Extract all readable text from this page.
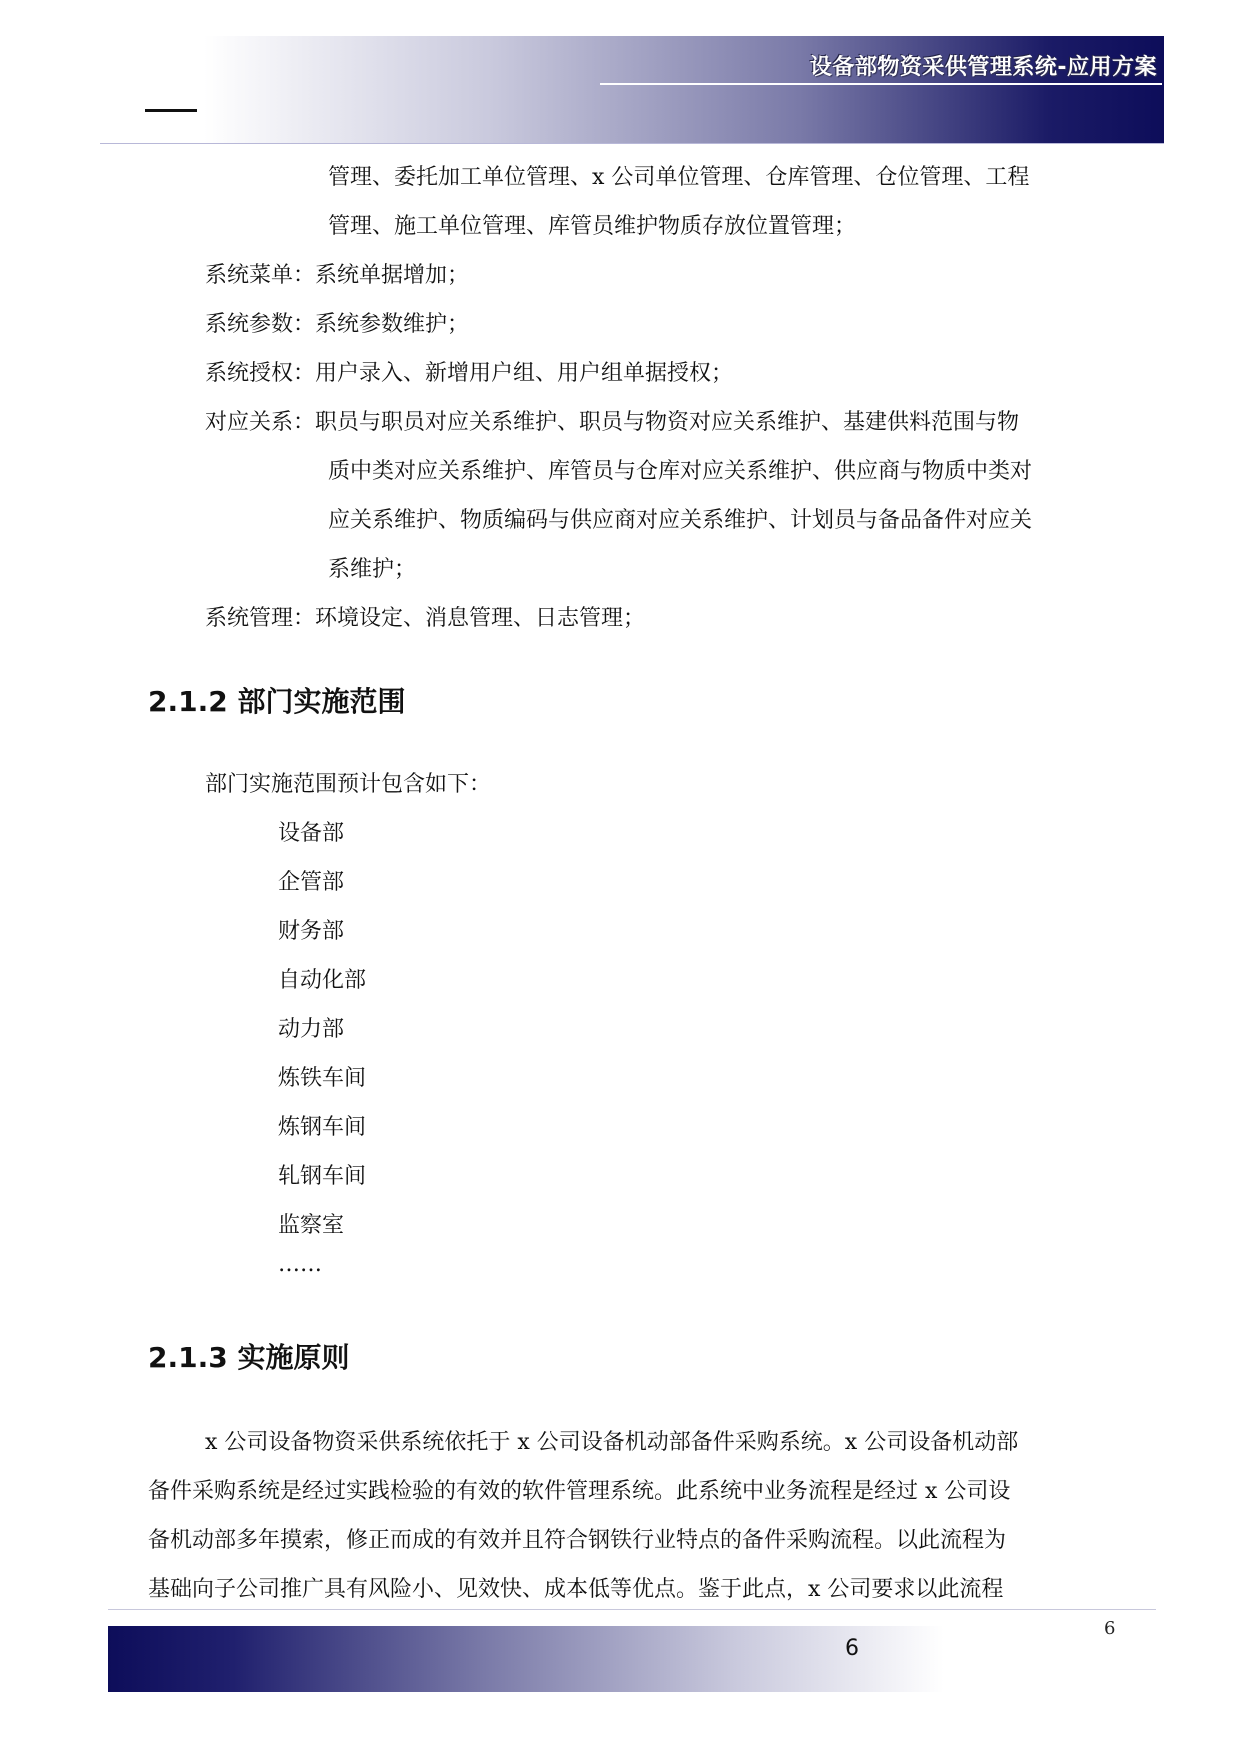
设备部物资采供管理系统-应用方案
管理、委托加工单位管理、x 公司单位管理、仓库管理、仓位管理、工程
管理、施工单位管理、库管员维护物质存放位置管理；
系统菜单：系统单据增加；
系统参数：系统参数维护；
系统授权：用户录入、新增用户组、用户组单据授权；
对应关系：职员与职员对应关系维护、职员与物资对应关系维护、基建供料范围与物
质中类对应关系维护、库管员与仓库对应关系维护、供应商与物质中类对
应关系维护、物质编码与供应商对应关系维护、计划员与备品备件对应关
系维护；
系统管理：环境设定、消息管理、日志管理；
2.1.2 部门实施范围
部门实施范围预计包含如下：
设备部
企管部
财务部
自动化部
动力部
炼铁车间
炼钢车间
轧钢车间
监察室
……
2.1.3 实施原则
x 公司设备物资采供系统依托于 x 公司设备机动部备件采购系统。x 公司设备机动部
备件采购系统是经过实践检验的有效的软件管理系统。此系统中业务流程是经过 x 公司设
备机动部多年摸索，修正而成的有效并且符合钢铁行业特点的备件采购流程。以此流程为
基础向子公司推广具有风险小、见效快、成本低等优点。鉴于此点，x 公司要求以此流程
6
6
